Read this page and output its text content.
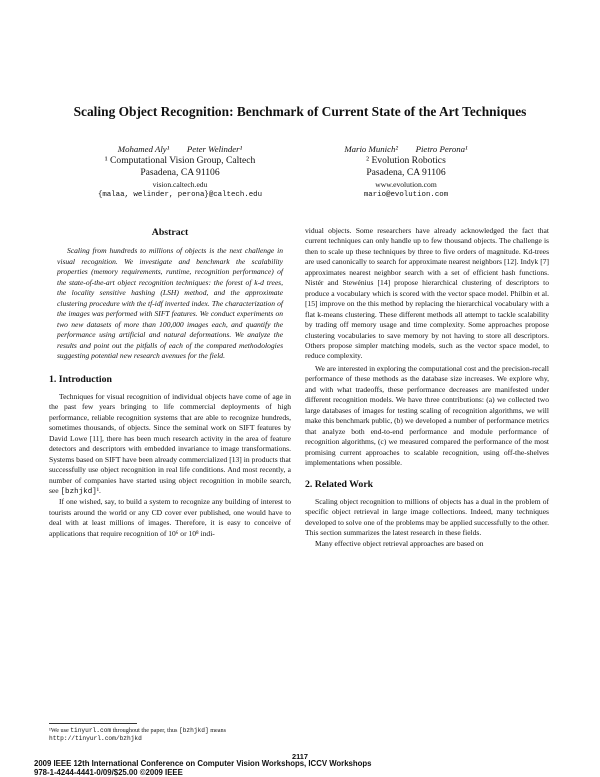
Scaling Object Recognition: Benchmark of Current State of the Art Techniques
Mohamed Aly¹        Peter Welinder¹
¹ Computational Vision Group, Caltech
Pasadena, CA 91106
vision.caltech.edu
{malaa, welinder, perona}@caltech.edu
Mario Munich²        Pietro Perona¹
² Evolution Robotics
Pasadena, CA 91106
www.evolution.com
mario@evolution.com
Abstract

Scaling from hundreds to millions of objects is the next challenge in visual recognition. We investigate and benchmark the scalability properties (memory requirements, runtime, recognition performance) of the state-of-the-art object recognition techniques: the forest of k-d trees, the locality sensitive hashing (LSH) method, and the approximate clustering procedure with the tf-idf inverted index. The characterization of the images was performed with SIFT features. We conduct experiments on two new datasets of more than 100,000 images each, and quantify the performance using artificial and natural deformations. We analyze the results and point out the pitfalls of each of the compared methodologies suggesting potential new research avenues for the field.

1. Introduction

Techniques for visual recognition of individual objects have come of age in the past few years bringing to life commercial deployments of high performance, reliable recognition systems that are able to recognize hundreds, sometimes thousands, of objects. Since the seminal work on SIFT features by David Lowe [11], there has been much research activity in the area of feature detectors and descriptors with embedded invariance to image transformations. Systems based on SIFT have been already commercialized [13] in products that successfully use object recognition in real life conditions. And most recently, a number of companies have started using object recognition in mobile search, see [bzhjkd]¹.

If one wished, say, to build a system to recognize any building of interest to tourists around the world or any CD cover ever published, one would have to deal with at least millions of images. Therefore, it is easy to conceive of applications that require recognition of 10⁶ or 10⁸ indi-

¹We use tinyurl.com throughout the paper, thus [bzhjkd] means
http://tinyurl.com/bzhjkd

vidual objects. Some researchers have already acknowledged the fact that current techniques can only handle up to few thousand objects. The challenge is then to scale up these techniques by three to five orders of magnitude. Kd-trees are used canonically to search for approximate nearest neighbors [12]. Indyk [7] approximates nearest neighbor search with a set of efficient hash functions. Nistér and Stewénius [14] propose hierarchical clustering of descriptors to produce a vocabulary which is scored with the vector space model. Philbin et al. [15] improve on the this method by replacing the hierarchical vocabulary with a flat k-means clustering. These different methods all attempt to tackle scalability by trading off memory usage and time complexity. Some approaches propose clustering vocabularies to save memory by not having to store all descriptors. Others propose simpler matching models, such as the vector space model, to reduce complexity.

We are interested in exploring the computational cost and the precision-recall performance of these methods as the database size increases. We explore why, and with what tradeoffs, these performance decreases are manifested under different recognition models. We have three contributions: (a) we collected two large databases of images for testing scaling of recognition algorithms, we will make this benchmark public, (b) we developed a number of performance metrics that analyze both end-to-end performance and module performance of recognition algorithms, (c) we measured compared the performance of the most promising current approaches to scalable recognition, using off-the-shelves implementations when possible.

2. Related Work

Scaling object recognition to millions of objects has a dual in the problem of specific object retrieval in large image collections. Indeed, many techniques developed to solve one of the problems may be applied successfully to the other. This section summarizes the latest research in these fields.

Many effective object retrieval approaches are based on

2117
2009 IEEE 12th International Conference on Computer Vision Workshops, ICCV Workshops
978-1-4244-4441-0/09/$25.00 ©2009 IEEE
